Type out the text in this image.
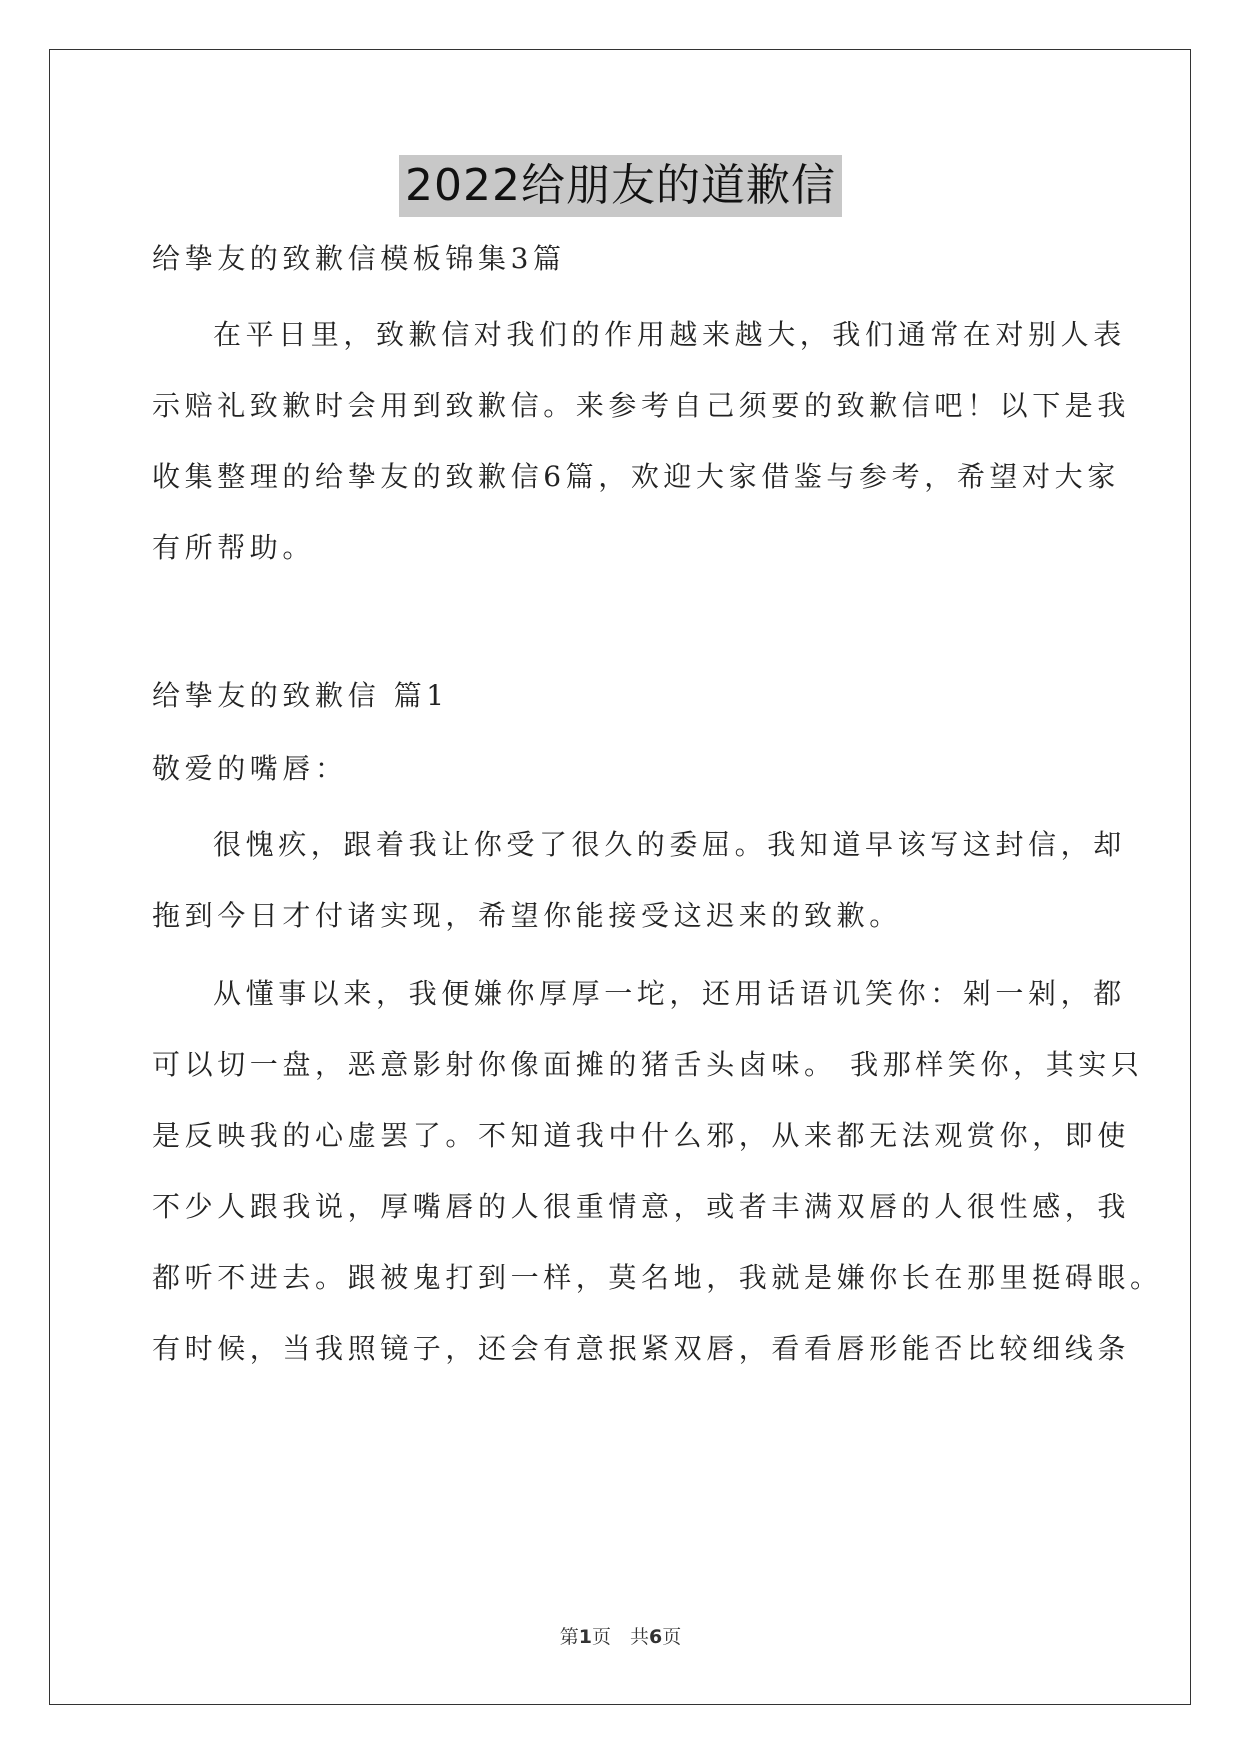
2022给朋友的道歉信
给挚友的致歉信模板锦集3篇
在平日里，致歉信对我们的作用越来越大，我们通常在对别人表
示赔礼致歉时会用到致歉信。来参考自己须要的致歉信吧！以下是我
收集整理的给挚友的致歉信6篇，欢迎大家借鉴与参考，希望对大家
有所帮助。
给挚友的致歉信 篇1
敬爱的嘴唇：
很愧疚，跟着我让你受了很久的委屈。我知道早该写这封信，却
拖到今日才付诸实现，希望你能接受这迟来的致歉。
从懂事以来，我便嫌你厚厚一坨，还用话语讥笑你：剁一剁，都
可以切一盘，恶意影射你像面摊的猪舌头卤味。 我那样笑你，其实只
是反映我的心虚罢了。不知道我中什么邪，从来都无法观赏你，即使
不少人跟我说，厚嘴唇的人很重情意，或者丰满双唇的人很性感，我
都听不进去。跟被鬼打到一样，莫名地，我就是嫌你长在那里挺碍眼。
有时候，当我照镜子，还会有意抿紧双唇，看看唇形能否比较细线条
第1页　共6页
